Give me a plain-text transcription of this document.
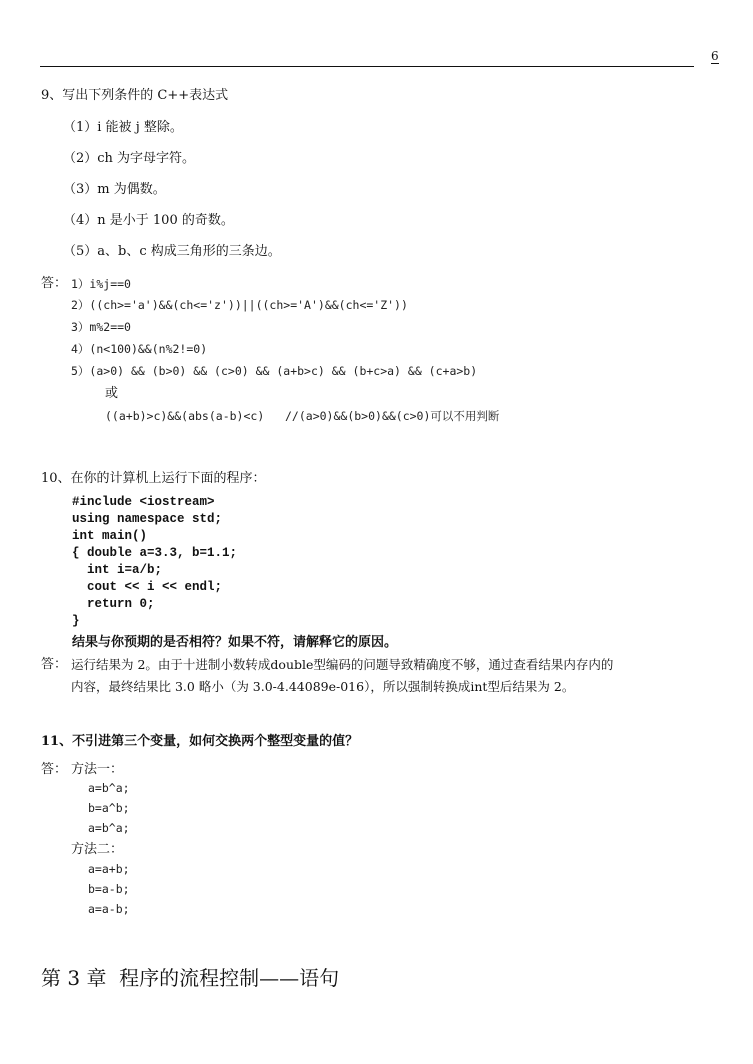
6
9、写出下列条件的 C++表达式
（1）i 能被 j 整除。
（2）ch 为字母字符。
（3）m 为偶数。
（4）n 是小于 100 的奇数。
（5）a、b、c 构成三角形的三条边。
答： 1）i%j==0
2）((ch>='a')&&(ch<='z'))||((ch>='A')&&(ch<='Z'))
3）m%2==0
4）(n<100)&&(n%2!=0)
5）(a>0) && (b>0) && (c>0) && (a+b>c) && (b+c>a) && (c+a>b)
或
((a+b)>c)&&(abs(a-b)<c)   //(a>0)&&(b>0)&&(c>0)可以不用判断
10、在你的计算机上运行下面的程序：
#include <iostream>
using namespace std;
int main()
{ double a=3.3, b=1.1;
int i=a/b;
cout << i << endl;
return 0;
}
结果与你预期的是否相符？如果不符，请解释它的原因。
答： 运行结果为 2。由于十进制小数转成double型编码的问题导致精确度不够，通过查看结果内存内的
内容，最终结果比 3.0 略小（为 3.0-4.44089e-016），所以强制转换成int型后结果为 2。
11、不引进第三个变量，如何交换两个整型变量的值？
答： 方法一：
a=b^a;
b=a^b;
a=b^a;
方法二：
a=a+b;
b=a-b;
a=a-b;
第 3 章  程序的流程控制——语句
